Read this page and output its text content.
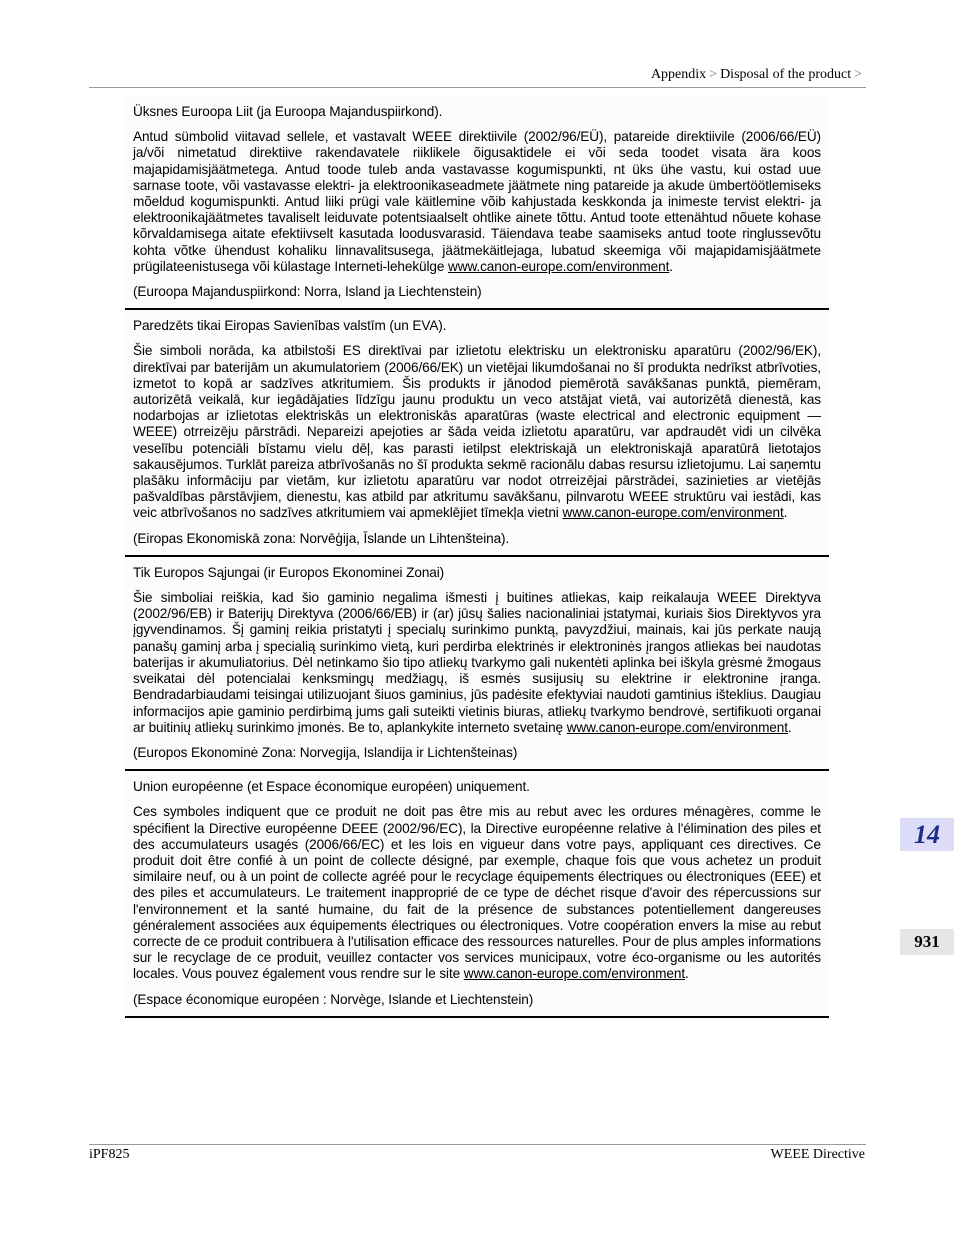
Appendix > Disposal of the product >

Üksnes Euroopa Liit (ja Euroopa Majanduspiirkond).

Antud sümbolid viitavad sellele, et vastavalt WEEE direktiivile (2002/96/EÜ), patareide direktiivile (2006/66/EÜ) ja/või nimetatud direktiive rakendavatele riiklikele õigusaktidele ei või seda toodet visata ära koos majapidamisjäätmetega. Antud toode tuleb anda vastavasse kogumispunkti, nt üks ühe vastu, kui ostad uue sarnase toote, või vastavasse elektri- ja elektroonikaseadmete jäätmete ning patareide ja akude ümbertöötlemiseks mõeldud kogumispunkti. Antud liiki prügi vale käitlemine võib kahjustada keskkonda ja inimeste tervist elektri- ja elektroonikajäätmetes tavaliselt leiduvate potentsiaalselt ohtlike ainete tõttu. Antud toote ettenähtud nõuete kohase kõrvaldamisega aitate efektiivselt kasutada loodusvarasid. Täiendava teabe saamiseks antud toote ringlussevõtu kohta võtke ühendust kohaliku linnavalitsusega, jäätmekäitlejaga, lubatud skeemiga või majapidamisjäätmete prügilateenistusega või külastage Interneti-lehekülge www.canon-europe.com/environment.

(Euroopa Majanduspiirkond: Norra, Island ja Liechtenstein)

Paredzēts tikai Eiropas Savienības valstīm (un EVA).

Šie simboli norāda, ka atbilstoši ES direktīvai par izlietotu elektrisku un elektronisku aparatūru (2002/96/EK), direktīvai par baterijām un akumulatoriem (2006/66/EK) un vietējai likumdošanai no šī produkta nedrīkst atbrīvoties, izmetot to kopā ar sadzīves atkritumiem. Šis produkts ir jānodod piemērotā savākšanas punktā, piemēram, autorizētā veikalā, kur iegādājaties līdzīgu jaunu produktu un veco atstājat vietā, vai autorizētā dienestā, kas nodarbojas ar izlietotas elektriskās un elektroniskās aparatūras (waste electrical and electronic equipment — WEEE) otrreizēju pārstrādi. Nepareizi apejoties ar šāda veida izlietotu aparatūru, var apdraudēt vidi un cilvēka veselību potenciāli bīstamu vielu dēļ, kas parasti ietilpst elektriskajā un elektroniskajā aparatūrā lietotajos sakausējumos. Turklāt pareiza atbrīvošanās no šī produkta sekmē racionālu dabas resursu izlietojumu. Lai saņemtu plašāku informāciju par vietām, kur izlietotu aparatūru var nodot otrreizējai pārstrādei, sazinieties ar vietējās pašvaldības pārstāvjiem, dienestu, kas atbild par atkritumu savākšanu, pilnvarotu WEEE struktūru vai iestādi, kas veic atbrīvošanos no sadzīves atkritumiem vai apmeklējiet tīmekļa vietni www.canon-europe.com/environment.

(Eiropas Ekonomiskā zona: Norvēģija, Īslande un Lihtenšteina).

Tik Europos Sąjungai (ir Europos Ekonominei Zonai)

Šie simboliai reiškia, kad šio gaminio negalima išmesti į buitines atliekas, kaip reikalauja WEEE Direktyva (2002/96/EB) ir Baterijų Direktyva (2006/66/EB) ir (ar) jūsų šalies nacionaliniai įstatymai, kuriais šios Direktyvos yra įgyvendinamos. Šį gaminį reikia pristatyti į specialų surinkimo punktą, pavyzdžiui, mainais, kai jūs perkate naują panašų gaminį arba į specialią surinkimo vietą, kuri perdirba elektrinės ir elektroninės įrangos atliekas bei naudotas baterijas ir akumuliatorius. Dėl netinkamo šio tipo atliekų tvarkymo gali nukentėti aplinka bei iškyla grėsmė žmogaus sveikatai dėl potencialai kenksmingų medžiagų, iš esmės susijusių su elektrine ir elektronine įranga. Bendradarbiaudami teisingai utilizuojant šiuos gaminius, jūs padėsite efektyviai naudoti gamtinius išteklius. Daugiau informacijos apie gaminio perdirbimą jums gali suteikti vietinis biuras, atliekų tvarkymo bendrovė, sertifikuoti organai ar buitinių atliekų surinkimo įmonės. Be to, aplankykite interneto svetainę www.canon-europe.com/environment.

(Europos Ekonominė Zona: Norvegija, Islandija ir Lichtenšteinas)

Union européenne (et Espace économique européen) uniquement.

Ces symboles indiquent que ce produit ne doit pas être mis au rebut avec les ordures ménagères, comme le spécifient la Directive européenne DEEE (2002/96/EC), la Directive européenne relative à l'élimination des piles et des accumulateurs usagés (2006/66/EC) et les lois en vigueur dans votre pays, appliquant ces directives. Ce produit doit être confié à un point de collecte désigné, par exemple, chaque fois que vous achetez un produit similaire neuf, ou à un point de collecte agréé pour le recyclage équipements électriques ou électroniques (EEE) et des piles et accumulateurs. Le traitement inapproprié de ce type de déchet risque d'avoir des répercussions sur l'environnement et la santé humaine, du fait de la présence de substances potentiellement dangereuses généralement associées aux équipements électriques ou électroniques. Votre coopération envers la mise au rebut correcte de ce produit contribuera à l'utilisation efficace des ressources naturelles. Pour de plus amples informations sur le recyclage de ce produit, veuillez contacter vos services municipaux, votre éco-organisme ou les autorités locales. Vous pouvez également vous rendre sur le site www.canon-europe.com/environment.

(Espace économique européen : Norvège, Islande et Liechtenstein)

14
931
iPF825	WEEE Directive
